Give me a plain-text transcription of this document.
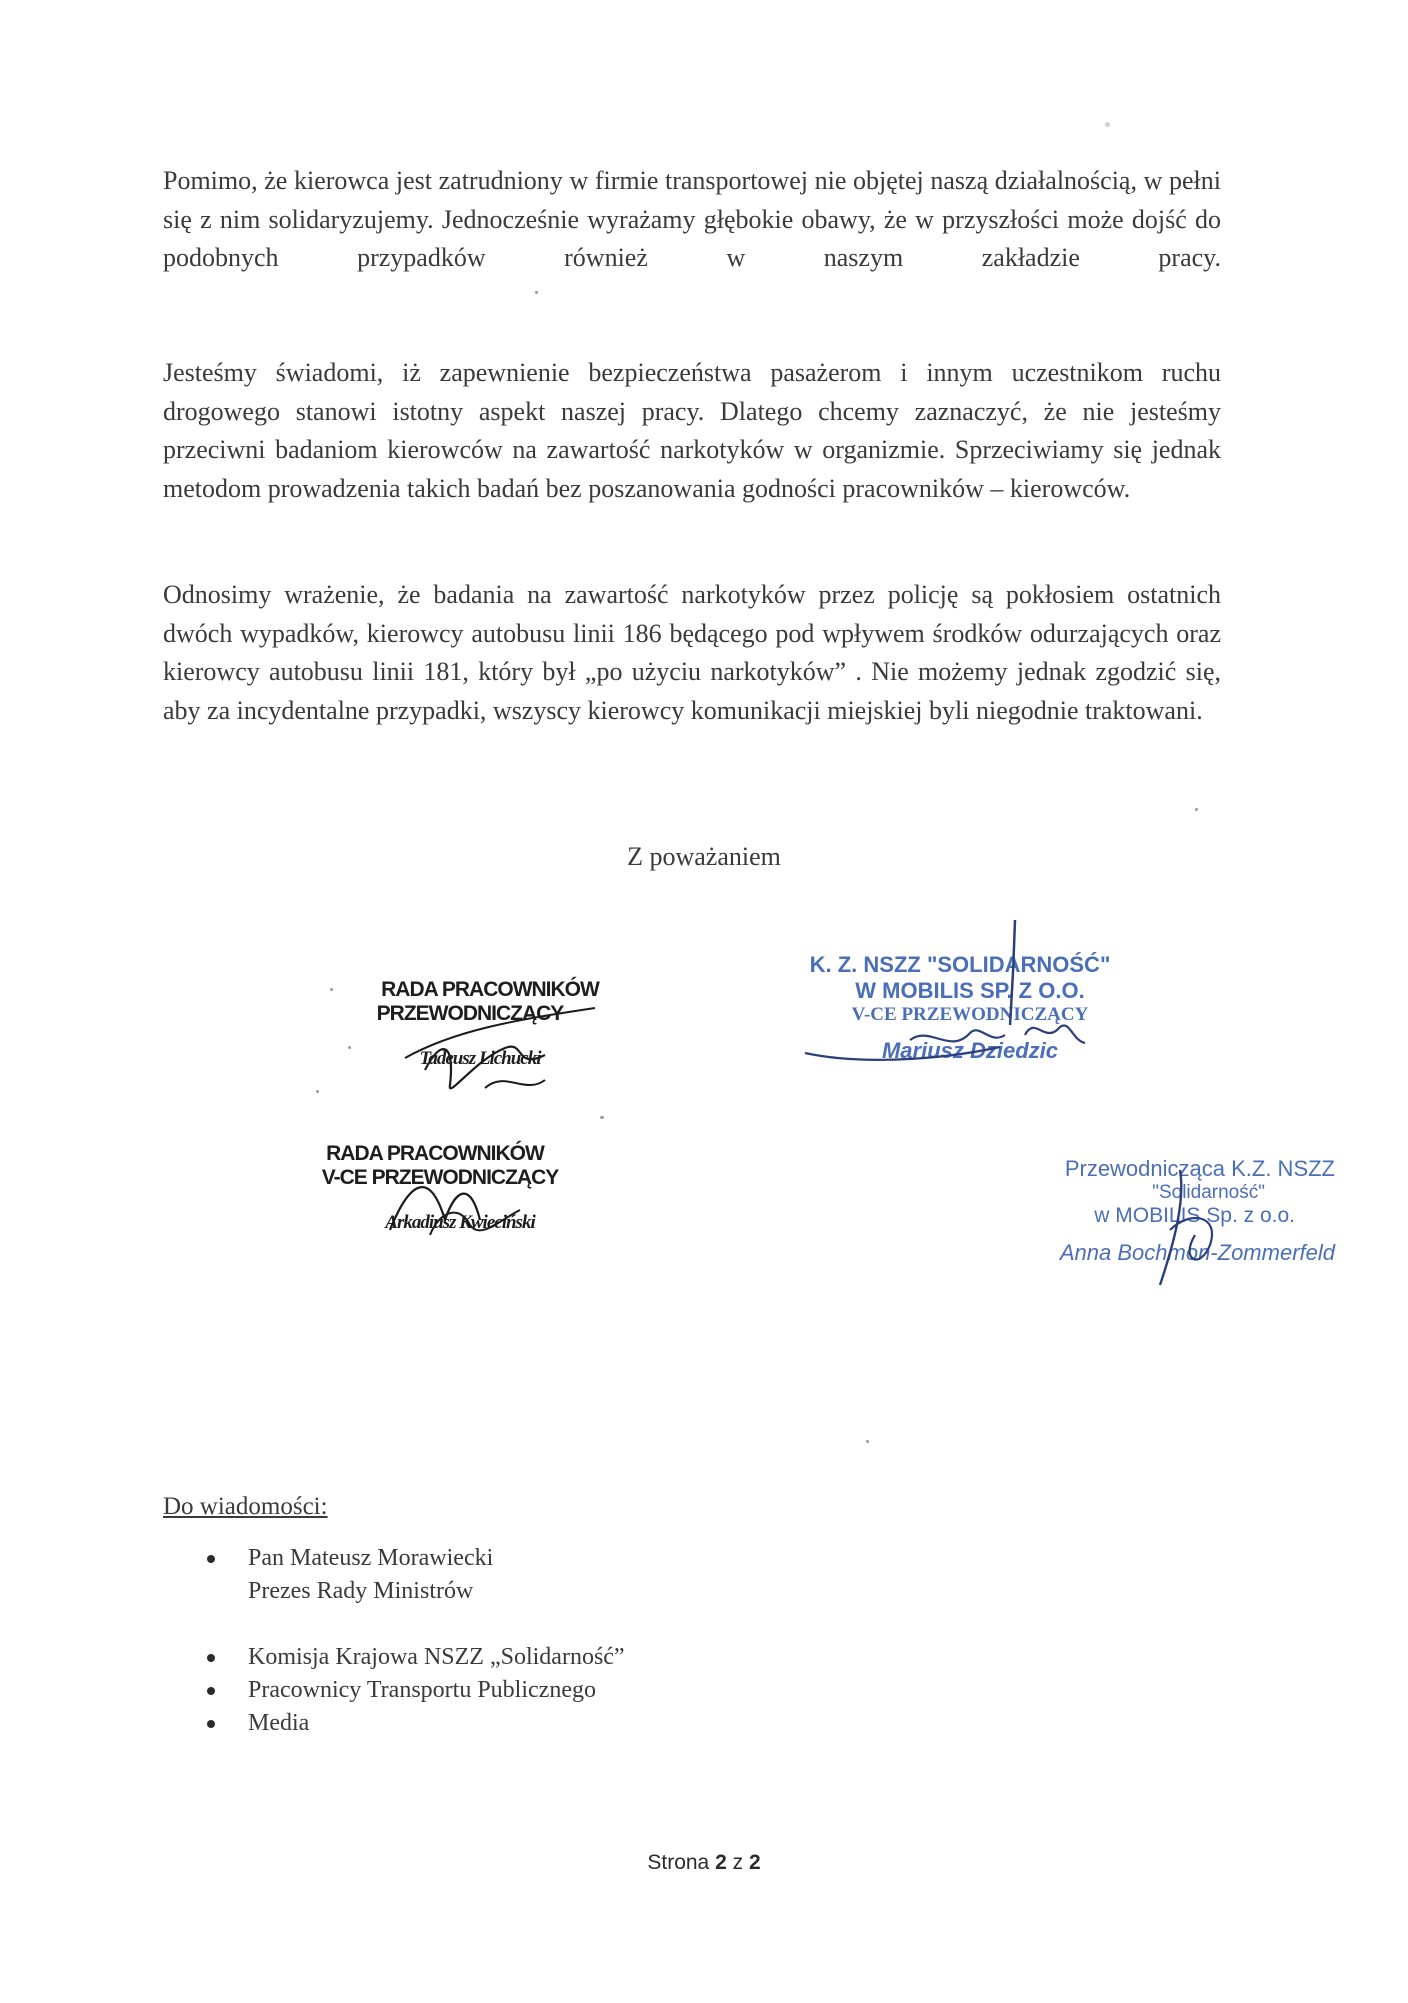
Pomimo, że kierowca jest zatrudniony w firmie transportowej nie objętej naszą działalnością, w pełni się z nim solidaryzujemy. Jednocześnie wyrażamy głębokie obawy, że w przyszłości może dojść do podobnych przypadków również w naszym zakładzie pracy.

Jesteśmy świadomi, iż zapewnienie bezpieczeństwa pasażerom i innym uczestnikom ruchu drogowego stanowi istotny aspekt naszej pracy. Dlatego chcemy zaznaczyć, że nie jesteśmy przeciwni badaniom kierowców na zawartość narkotyków w organizmie. Sprzeciwiamy się jednak metodom prowadzenia takich badań bez poszanowania godności pracowników – kierowców.

Odnosimy wrażenie, że badania na zawartość narkotyków przez policję są pokłosiem ostatnich dwóch wypadków, kierowcy autobusu linii 186 będącego pod wpływem środków odurzających oraz kierowcy autobusu linii 181, który był „po użyciu narkotyków” . Nie możemy jednak zgodzić się, aby za incydentalne przypadki, wszyscy kierowcy komunikacji miejskiej byli niegodnie traktowani.

Z poważaniem
RADA PRACOWNIKÓW
PRZEWODNICZĄCY
Tadeusz Lichucki
RADA PRACOWNIKÓW
V-CE PRZEWODNICZĄCY
Arkadiusz Kwieciński
K. Z. NSZZ "SOLIDARNOŚĆ"
W MOBILIS SP. Z O.O.
V-CE PRZEWODNICZĄCY
Mariusz Dziedzic
Przewodnicząca K.Z. NSZZ
"Solidarność"
w MOBILIS Sp. z o.o.
Anna Bochmon-Zommerfeld
Do wiadomości:
Pan Mateusz Morawiecki
Prezes Rady Ministrów
Komisja Krajowa NSZZ „Solidarność”
Pracownicy Transportu Publicznego
Media
Strona 2 z 2
